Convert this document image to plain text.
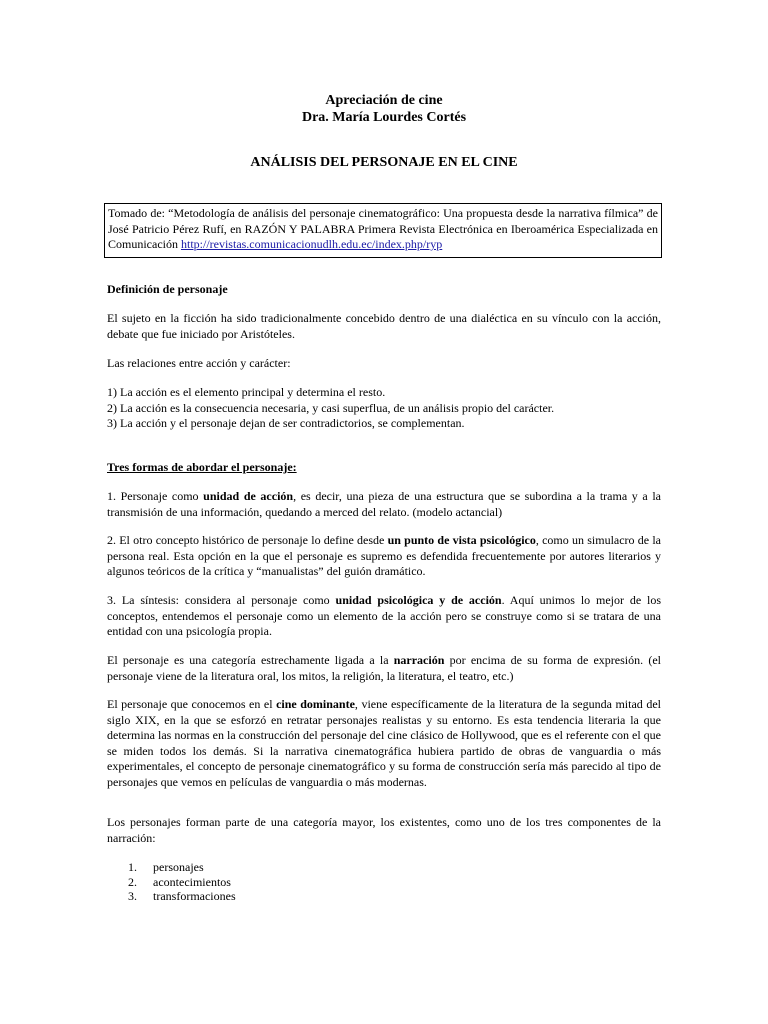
Apreciación de cine
Dra. María Lourdes Cortés
ANÁLISIS DEL PERSONAJE EN EL CINE
Tomado de: “Metodología de análisis del personaje cinematográfico: Una propuesta desde la narrativa fílmica” de José Patricio Pérez Rufí, en RAZÓN Y PALABRA Primera Revista Electrónica en Iberoamérica Especializada en Comunicación http://revistas.comunicacionudlh.edu.ec/index.php/ryp
Definición de personaje
El sujeto en la ficción ha sido tradicionalmente concebido dentro de una dialéctica en su vínculo con la acción, debate que fue iniciado por Aristóteles.
Las relaciones entre acción y carácter:
1) La acción es el elemento principal y determina el resto.
2) La acción es la consecuencia necesaria, y casi superflua, de un análisis propio del carácter.
3) La acción y el personaje dejan de ser contradictorios, se complementan.
Tres formas de abordar el personaje:
1. Personaje como unidad de acción, es decir, una pieza de una estructura que se subordina a la trama y a la transmisión de una información, quedando a merced del relato. (modelo actancial)
2. El otro concepto histórico de personaje lo define desde un punto de vista psicológico, como un simulacro de la persona real. Esta opción en la que el personaje es supremo es defendida frecuentemente por autores literarios y algunos teóricos de la crítica y “manualistas” del guión dramático.
3. La síntesis: considera al personaje como unidad psicológica y de acción. Aquí unimos lo mejor de los conceptos, entendemos el personaje como un elemento de la acción pero se construye como si se tratara de una entidad con una psicología propia.
El personaje es una categoría estrechamente ligada a la narración por encima de su forma de expresión. (el personaje viene de la literatura oral, los mitos, la religión, la literatura, el teatro, etc.)
El personaje que conocemos en el cine dominante, viene específicamente de la literatura de la segunda mitad del siglo XIX, en la que se esforzó en retratar personajes realistas y su entorno. Es esta tendencia literaria la que determina las normas en la construcción del personaje del cine clásico de Hollywood, que es el referente con el que se miden todos los demás. Si la narrativa cinematográfica hubiera partido de obras de vanguardia o más experimentales, el concepto de personaje cinematográfico y su forma de construcción sería más parecido al tipo de personajes que vemos en películas de vanguardia o más modernas.
Los personajes forman parte de una categoría mayor, los existentes, como uno de los tres componentes de la narración:
1.	personajes
2.	acontecimientos
3.	transformaciones
